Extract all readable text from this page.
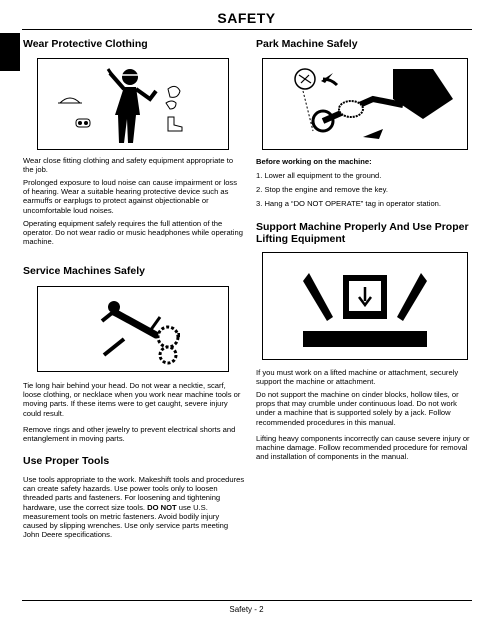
SAFETY
Wear Protective Clothing
Wear close fitting clothing and safety equipment appropriate to the job.
Prolonged exposure to loud noise can cause impairment or loss of hearing. Wear a suitable hearing protective device such as earmuffs or earplugs to protect against objectionable or uncomfortable loud noises.
Operating equipment safely requires the full attention of the operator. Do not wear radio or music headphones while operating machine.
Service Machines Safely
Tie long hair behind your head. Do not wear a necktie, scarf, loose clothing, or necklace when you work near machine tools or moving parts. If these items were to get caught, severe injury could result.
Remove rings and other jewelry to prevent electrical shorts and entanglement in moving parts.
Use Proper Tools
Use tools appropriate to the work. Makeshift tools and procedures can create safety hazards. Use power tools only to loosen threaded parts and fasteners. For loosening and tightening hardware, use the correct size tools. DO NOT use U.S. measurement tools on metric fasteners. Avoid bodily injury caused by slipping wrenches. Use only service parts meeting John Deere specifications.
Park Machine Safely
Before working on the machine:
1. Lower all equipment to the ground.
2. Stop the engine and remove the key.
3. Hang a “DO NOT OPERATE” tag in operator station.
Support Machine Properly And Use Proper Lifting Equipment
If you must work on a lifted machine or attachment, securely support the machine or attachment.
Do not support the machine on cinder blocks, hollow tiles, or props that may crumble under continuous load. Do not work under a machine that is supported solely by a jack. Follow recommended procedures in this manual.
Lifting heavy components incorrectly can cause severe injury or machine damage. Follow recommended procedure for removal and installation of components in the manual.
Safety - 2
